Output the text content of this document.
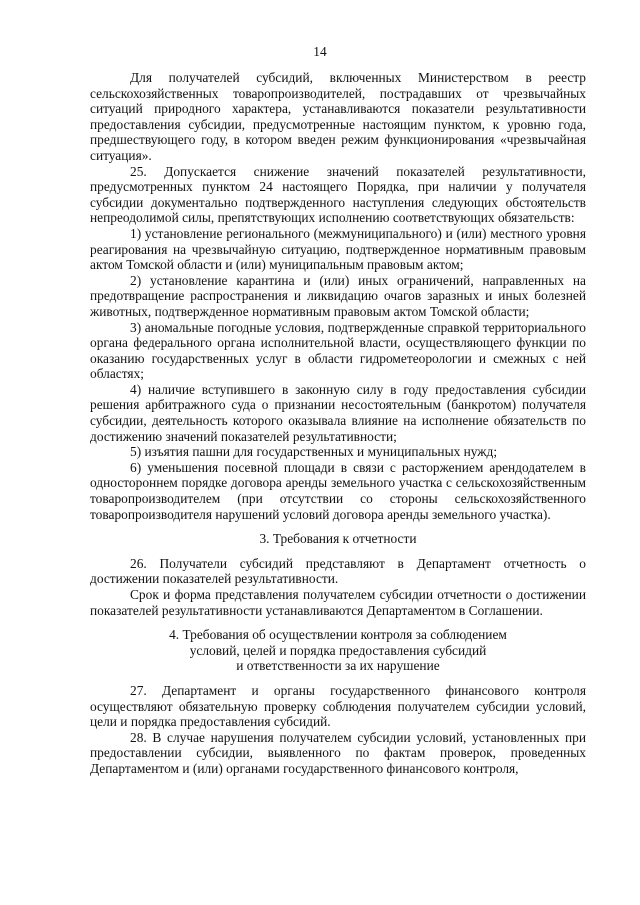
14

Для получателей субсидий, включенных Министерством в реестр сельскохозяйственных товаропроизводителей, пострадавших от чрезвычайных ситуаций природного характера, устанавливаются показатели результативности предоставления субсидии, предусмотренные настоящим пунктом, к уровню года, предшествующего году, в котором введен режим функционирования «чрезвычайная ситуация».

25. Допускается снижение значений показателей результативности, предусмотренных пунктом 24 настоящего Порядка, при наличии у получателя субсидии документально подтвержденного наступления следующих обстоятельств непреодолимой силы, препятствующих исполнению соответствующих обязательств:

1) установление регионального (межмуниципального) и (или) местного уровня реагирования на чрезвычайную ситуацию, подтвержденное нормативным правовым актом Томской области и (или) муниципальным правовым актом;

2) установление карантина и (или) иных ограничений, направленных на предотвращение распространения и ликвидацию очагов заразных и иных болезней животных, подтвержденное нормативным правовым актом Томской области;

3) аномальные погодные условия, подтвержденные справкой территориального органа федерального органа исполнительной власти, осуществляющего функции по оказанию государственных услуг в области гидрометеорологии и смежных с ней областях;

4) наличие вступившего в законную силу в году предоставления субсидии решения арбитражного суда о признании несостоятельным (банкротом) получателя субсидии, деятельность которого оказывала влияние на исполнение обязательств по достижению значений показателей результативности;

5) изъятия пашни для государственных и муниципальных нужд;

6) уменьшения посевной площади в связи с расторжением арендодателем в одностороннем порядке договора аренды земельного участка с сельскохозяйственным товаропроизводителем (при отсутствии со стороны сельскохозяйственного товаропроизводителя нарушений условий договора аренды земельного участка).

3. Требования к отчетности

26. Получатели субсидий представляют в Департамент отчетность о достижении показателей результативности.

Срок и форма представления получателем субсидии отчетности о достижении показателей результативности устанавливаются Департаментом в Соглашении.

4. Требования об осуществлении контроля за соблюдением
условий, целей и порядка предоставления субсидий
и ответственности за их нарушение

27. Департамент и органы государственного финансового контроля осуществляют обязательную проверку соблюдения получателем субсидии условий, цели и порядка предоставления субсидий.

28. В случае нарушения получателем субсидии условий, установленных при предоставлении субсидии, выявленного по фактам проверок, проведенных Департаментом и (или) органами государственного финансового контроля,
